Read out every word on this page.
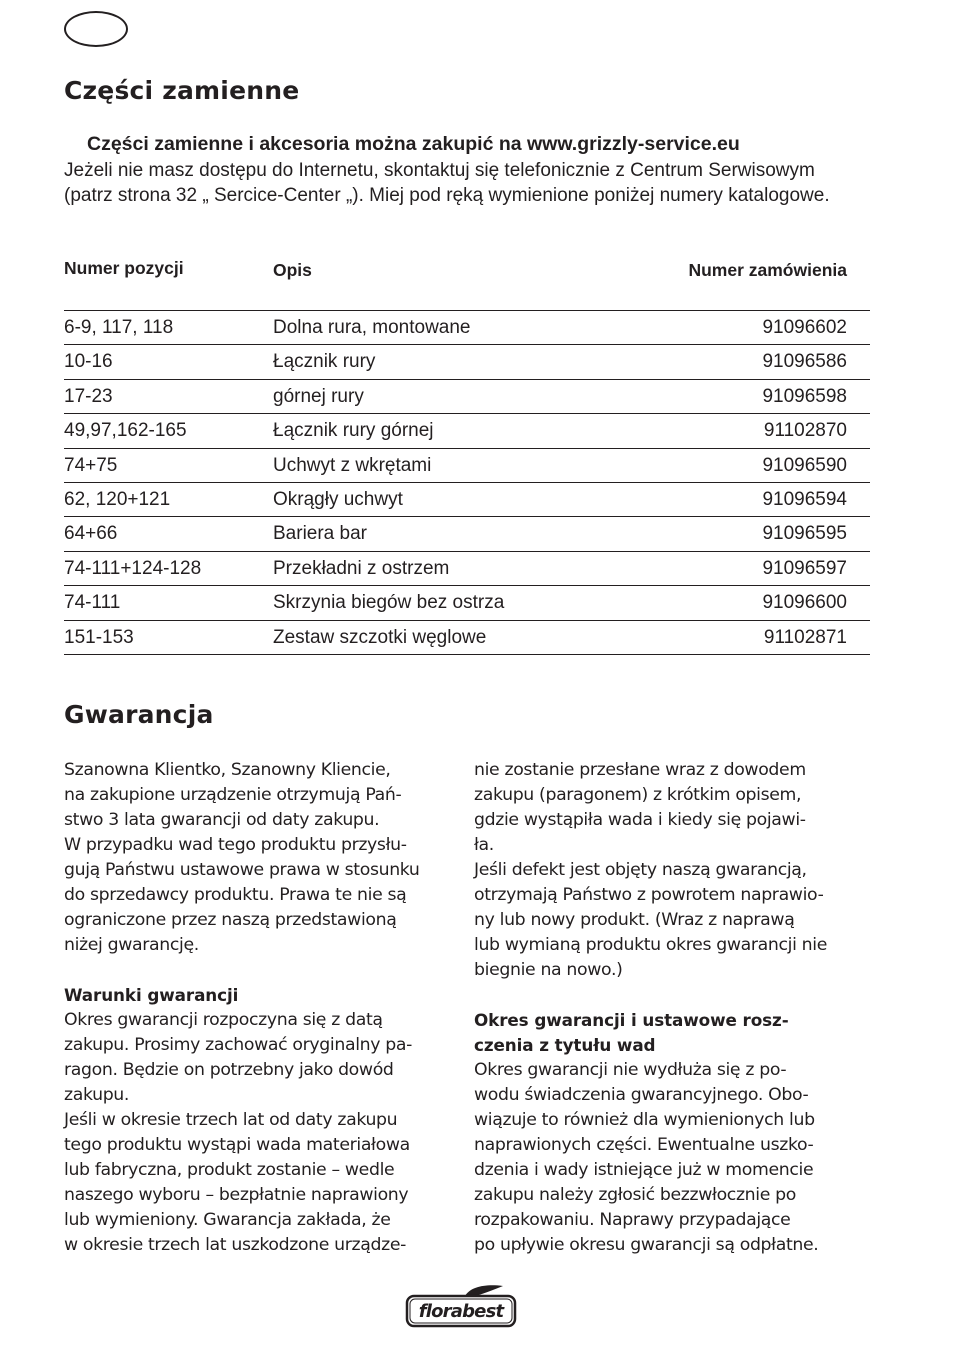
Części zamienne
Części zamienne i akcesoria można zakupić na www.grizzly-service.eu
Jeżeli nie masz dostępu do Internetu, skontaktuj się telefonicznie z Centrum Serwisowym (patrz strona 32 „ Sercice-Center „). Miej pod ręką wymienione poniżej numery katalogowe.
Numer pozycji	Opis	Numer zamówienia
6-9, 117, 118	Dolna rura, montowane	91096602
10-16	Łącznik rury	91096586
17-23	górnej rury	91096598
49,97,162-165	Łącznik rury górnej	91102870
74+75	Uchwyt z wkrętami	91096590
62, 120+121	Okrągły uchwyt	91096594
64+66	Bariera bar	91096595
74-111+124-128	Przekładni z ostrzem	91096597
74-111	Skrzynia biegów bez ostrza	91096600
151-153	Zestaw szczotki węglowe	91102871
Gwarancja

Szanowna Klientko, Szanowny Kliencie,
na zakupione urządzenie otrzymują Pań-
stwo 3 lata gwarancji od daty zakupu.
W przypadku wad tego produktu przysłu-
gują Państwu ustawowe prawa w stosunku
do sprzedawcy produktu. Prawa te nie są
ograniczone przez naszą przedstawioną
niżej gwarancję.

Warunki gwarancji

Okres gwarancji rozpoczyna się z datą
zakupu. Prosimy zachować oryginalny pa-
ragon. Będzie on potrzebny jako dowód
zakupu.

Jeśli w okresie trzech lat od daty zakupu
tego produktu wystąpi wada materiałowa
lub fabryczna, produkt zostanie – wedle
naszego wyboru – bezpłatnie naprawiony
lub wymieniony. Gwarancja zakłada, że
w okresie trzech lat uszkodzone urządze-

nie zostanie przesłane wraz z dowodem
zakupu (paragonem) z krótkim opisem,
gdzie wystąpiła wada i kiedy się pojawi-
ła.

Jeśli defekt jest objęty naszą gwarancją,
otrzymają Państwo z powrotem naprawio-
ny lub nowy produkt. (Wraz z naprawą
lub wymianą produktu okres gwarancji nie
biegnie na nowo.)

Okres gwarancji i ustawowe rosz-
czenia z tytułu wad

Okres gwarancji nie wydłuża się z po-
wodu świadczenia gwarancyjnego. Obo-
wiązuje to również dla wymienionych lub
naprawionych części. Ewentualne uszko-
dzenia i wady istniejące już w momencie
zakupu należy zgłosić bezzwłocznie po
rozpakowaniu. Naprawy przypadające
po upływie okresu gwarancji są odpłatne.

florabest
